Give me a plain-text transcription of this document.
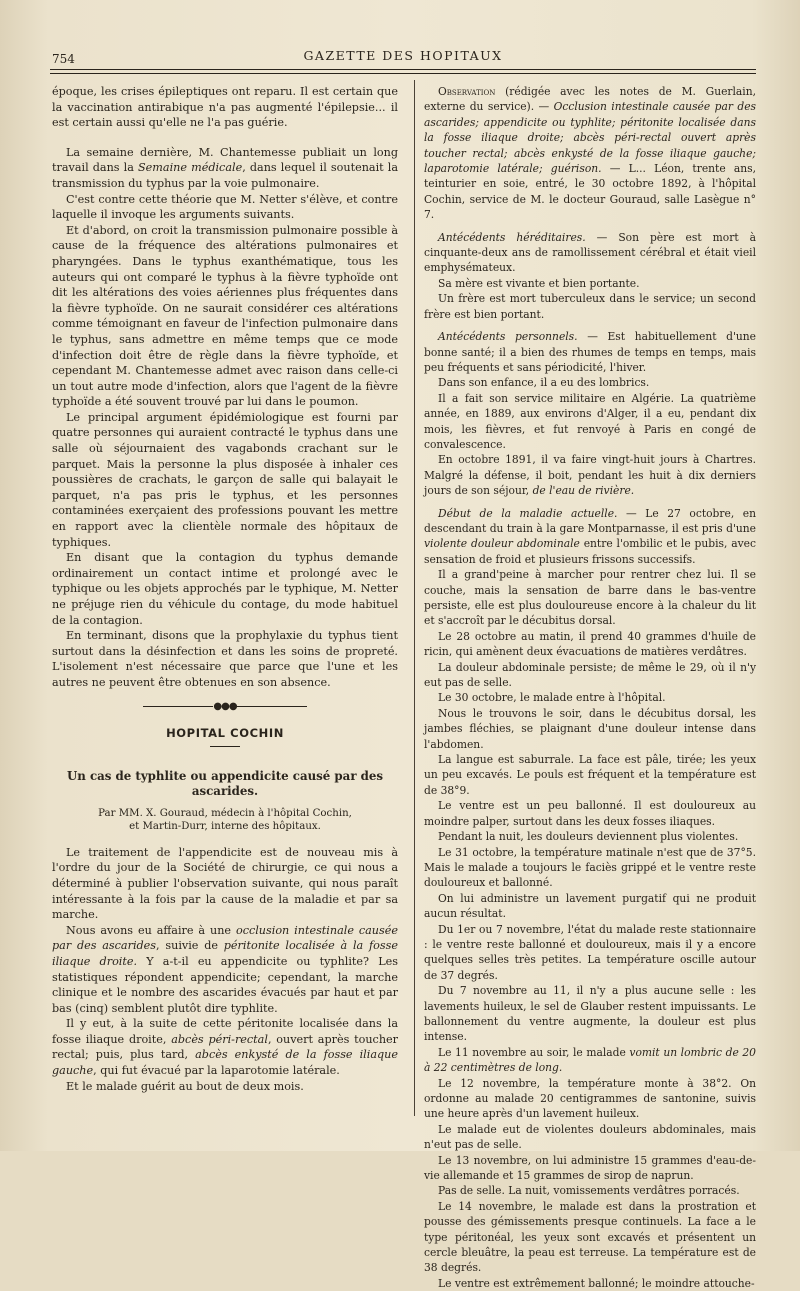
754	GAZETTE DES HOPITAUX

époque, les crises épileptiques ont reparu. Il est certain que la vaccination antirabique n'a pas augmenté l'épilepsie... il est certain aussi qu'elle ne l'a pas guérie.

La semaine dernière, M. Chantemesse publiait un long travail dans la Semaine médicale, dans lequel il soutenait la transmission du typhus par la voie pulmonaire.

C'est contre cette théorie que M. Netter s'élève, et contre laquelle il invoque les arguments suivants.

Et d'abord, on croit la transmission pulmonaire possible à cause de la fréquence des altérations pulmonaires et pharyngées. Dans le typhus exanthématique, tous les auteurs qui ont comparé le typhus à la fièvre typhoïde ont dit les altérations des voies aériennes plus fréquentes dans la fièvre typhoïde. On ne saurait considérer ces altérations comme témoignant en faveur de l'infection pulmonaire dans le typhus, sans admettre en même temps que ce mode d'infection doit être de règle dans la fièvre typhoïde, et cependant M. Chantemesse admet avec raison dans celle-ci un tout autre mode d'infection, alors que l'agent de la fièvre typhoïde a été souvent trouvé par lui dans le poumon.

Le principal argument épidémiologique est fourni par quatre personnes qui auraient contracté le typhus dans une salle où séjournaient des vagabonds crachant sur le parquet. Mais la personne la plus disposée à inhaler ces poussières de crachats, le garçon de salle qui balayait le parquet, n'a pas pris le typhus, et les personnes contaminées exerçaient des professions pouvant les mettre en rapport avec la clientèle normale des hôpitaux de typhiques.

En disant que la contagion du typhus demande ordinairement un contact intime et prolongé avec le typhique ou les objets approchés par le typhique, M. Netter ne préjuge rien du véhicule du contage, du mode habituel de la contagion.

En terminant, disons que la prophylaxie du typhus tient surtout dans la désinfection et dans les soins de propreté. L'isolement n'est nécessaire que parce que l'une et les autres ne peuvent être obtenues en son absence.

●●●
HOPITAL COCHIN
Un cas de typhlite ou appendicite causé par des ascarides.
Par MM. X. Gouraud, médecin à l'hôpital Cochin,
et Martin-Durr, interne des hôpitaux.

Le traitement de l'appendicite est de nouveau mis à l'ordre du jour de la Société de chirurgie, ce qui nous a déterminé à publier l'observation suivante, qui nous paraît intéressante à la fois par la cause de la maladie et par sa marche.

Nous avons eu affaire à une occlusion intestinale causée par des ascarides, suivie de péritonite localisée à la fosse iliaque droite. Y a-t-il eu appendicite ou typhlite? Les statistiques répondent appendicite; cependant, la marche clinique et le nombre des ascarides évacués par haut et par bas (cinq) semblent plutôt dire typhlite.

Il y eut, à la suite de cette péritonite localisée dans la fosse iliaque droite, abcès péri-rectal, ouvert après toucher rectal; puis, plus tard, abcès enkysté de la fosse iliaque gauche, qui fut évacué par la laparotomie latérale.

Et le malade guérit au bout de deux mois.

Observation (rédigée avec les notes de M. Guerlain, externe du service). — Occlusion intestinale causée par des ascarides; appendicite ou typhlite; péritonite localisée dans la fosse iliaque droite; abcès péri-rectal ouvert après toucher rectal; abcès enkysté de la fosse iliaque gauche; laparotomie latérale; guérison. — L... Léon, trente ans, teinturier en soie, entré, le 30 octobre 1892, à l'hôpital Cochin, service de M. le docteur Gouraud, salle Lasègue n° 7.

Antécédents héréditaires. — Son père est mort à cinquante-deux ans de ramollissement cérébral et était vieil emphysémateux.

Sa mère est vivante et bien portante.

Un frère est mort tuberculeux dans le service; un second frère est bien portant.

Antécédents personnels. — Est habituellement d'une bonne santé; il a bien des rhumes de temps en temps, mais peu fréquents et sans périodicité, l'hiver.

Dans son enfance, il a eu des lombrics.

Il a fait son service militaire en Algérie. La quatrième année, en 1889, aux environs d'Alger, il a eu, pendant dix mois, les fièvres, et fut renvoyé à Paris en congé de convalescence.

En octobre 1891, il va faire vingt-huit jours à Chartres. Malgré la défense, il boit, pendant les huit à dix derniers jours de son séjour, de l'eau de rivière.

Début de la maladie actuelle. — Le 27 octobre, en descendant du train à la gare Montparnasse, il est pris d'une violente douleur abdominale entre l'ombilic et le pubis, avec sensation de froid et plusieurs frissons successifs.

Il a grand'peine à marcher pour rentrer chez lui. Il se couche, mais la sensation de barre dans le bas-ventre persiste, elle est plus douloureuse encore à la chaleur du lit et s'accroît par le décubitus dorsal.

Le 28 octobre au matin, il prend 40 grammes d'huile de ricin, qui amènent deux évacuations de matières verdâtres.

La douleur abdominale persiste; de même le 29, où il n'y eut pas de selle.

Le 30 octobre, le malade entre à l'hôpital.

Nous le trouvons le soir, dans le décubitus dorsal, les jambes fléchies, se plaignant d'une douleur intense dans l'abdomen.

La langue est saburrale. La face est pâle, tirée; les yeux un peu excavés. Le pouls est fréquent et la température est de 38°9.

Le ventre est un peu ballonné. Il est douloureux au moindre palper, surtout dans les deux fosses iliaques.

Pendant la nuit, les douleurs deviennent plus violentes.

Le 31 octobre, la température matinale n'est que de 37°5. Mais le malade a toujours le faciès grippé et le ventre reste douloureux et ballonné.

On lui administre un lavement purgatif qui ne produit aucun résultat.

Du 1er ou 7 novembre, l'état du malade reste stationnaire : le ventre reste ballonné et douloureux, mais il y a encore quelques selles très petites. La température oscille autour de 37 degrés.

Du 7 novembre au 11, il n'y a plus aucune selle : les lavements huileux, le sel de Glauber restent impuissants. Le ballonnement du ventre augmente, la douleur est plus intense.

Le 11 novembre au soir, le malade vomit un lombric de 20 à 22 centimètres de long.

Le 12 novembre, la température monte à 38°2. On ordonne au malade 20 centigrammes de santonine, suivis une heure après d'un lavement huileux.

Le malade eut de violentes douleurs abdominales, mais n'eut pas de selle.

Le 13 novembre, on lui administre 15 grammes d'eau-de-vie allemande et 15 grammes de sirop de naprun.

Pas de selle. La nuit, vomissements verdâtres porracés.

Le 14 novembre, le malade est dans la prostration et pousse des gémissements presque continuels. La face a le type péritonéal, les yeux sont excavés et présentent un cercle bleuâtre, la peau est terreuse. La température est de 38 degrés.

Le ventre est extrêmement ballonné; le moindre attouche-
